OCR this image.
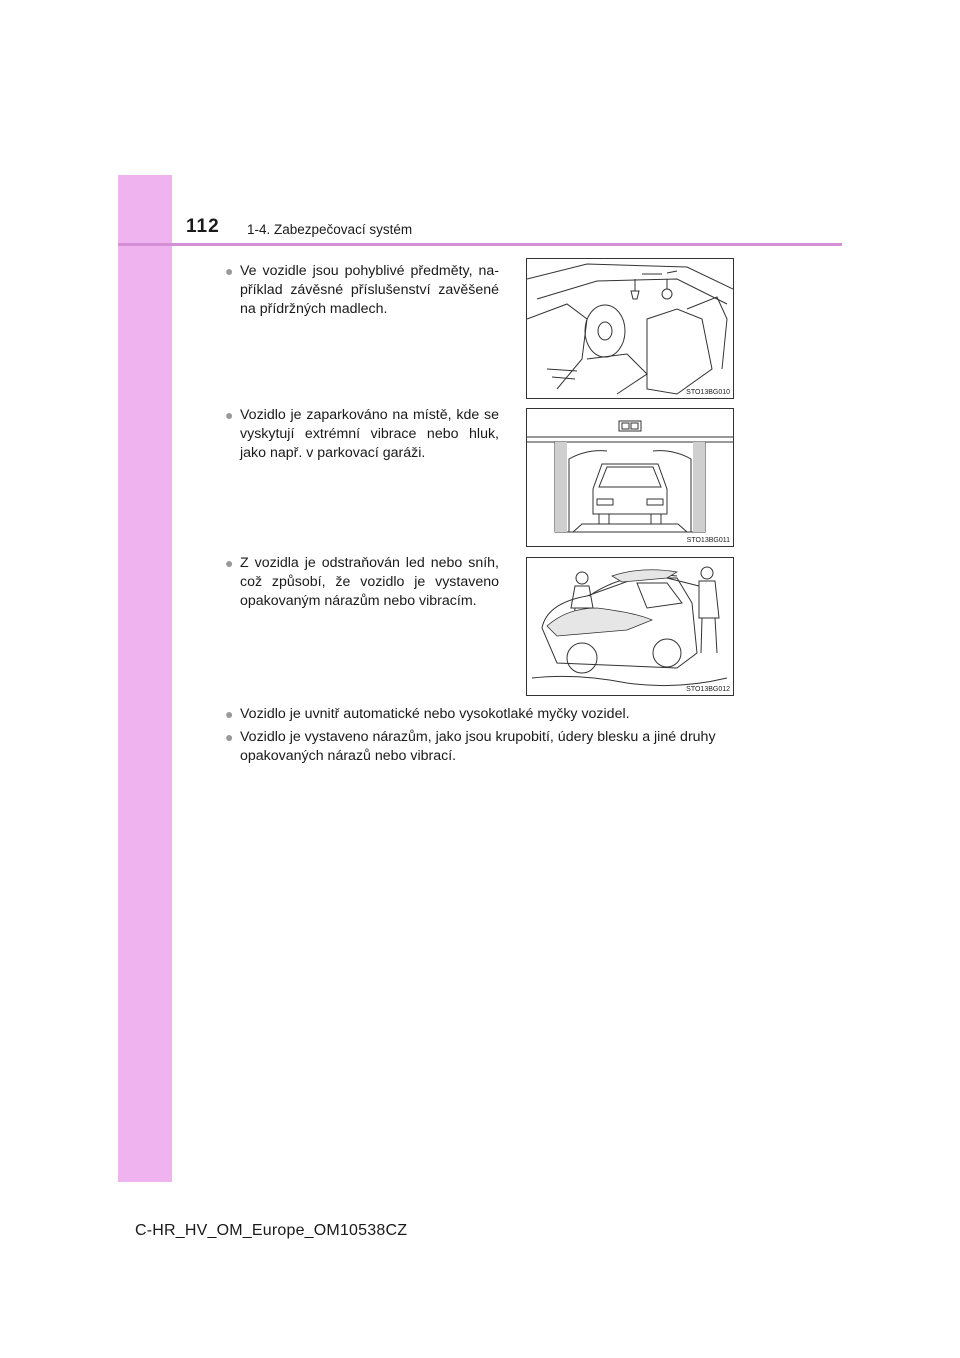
112 1-4. Zabezpečovací systém
● Ve vozidle jsou pohyblivé předměty, na-příklad závěsné příslušenství zavěšené na přídržných madlech.
STO13BG010
● Vozidlo je zaparkováno na místě, kde se vyskytují extrémní vibrace nebo hluk, jako např. v parkovací garáži.
STO13BG011
● Z vozidla je odstraňován led nebo sníh, což způsobí, že vozidlo je vystaveno opakovaným nárazům nebo vibracím.
STO13BG012
● Vozidlo je uvnitř automatické nebo vysokotlaké myčky vozidel.
● Vozidlo je vystaveno nárazům, jako jsou krupobití, údery blesku a jiné druhy opakovaných nárazů nebo vibrací.
C-HR_HV_OM_Europe_OM10538CZ
